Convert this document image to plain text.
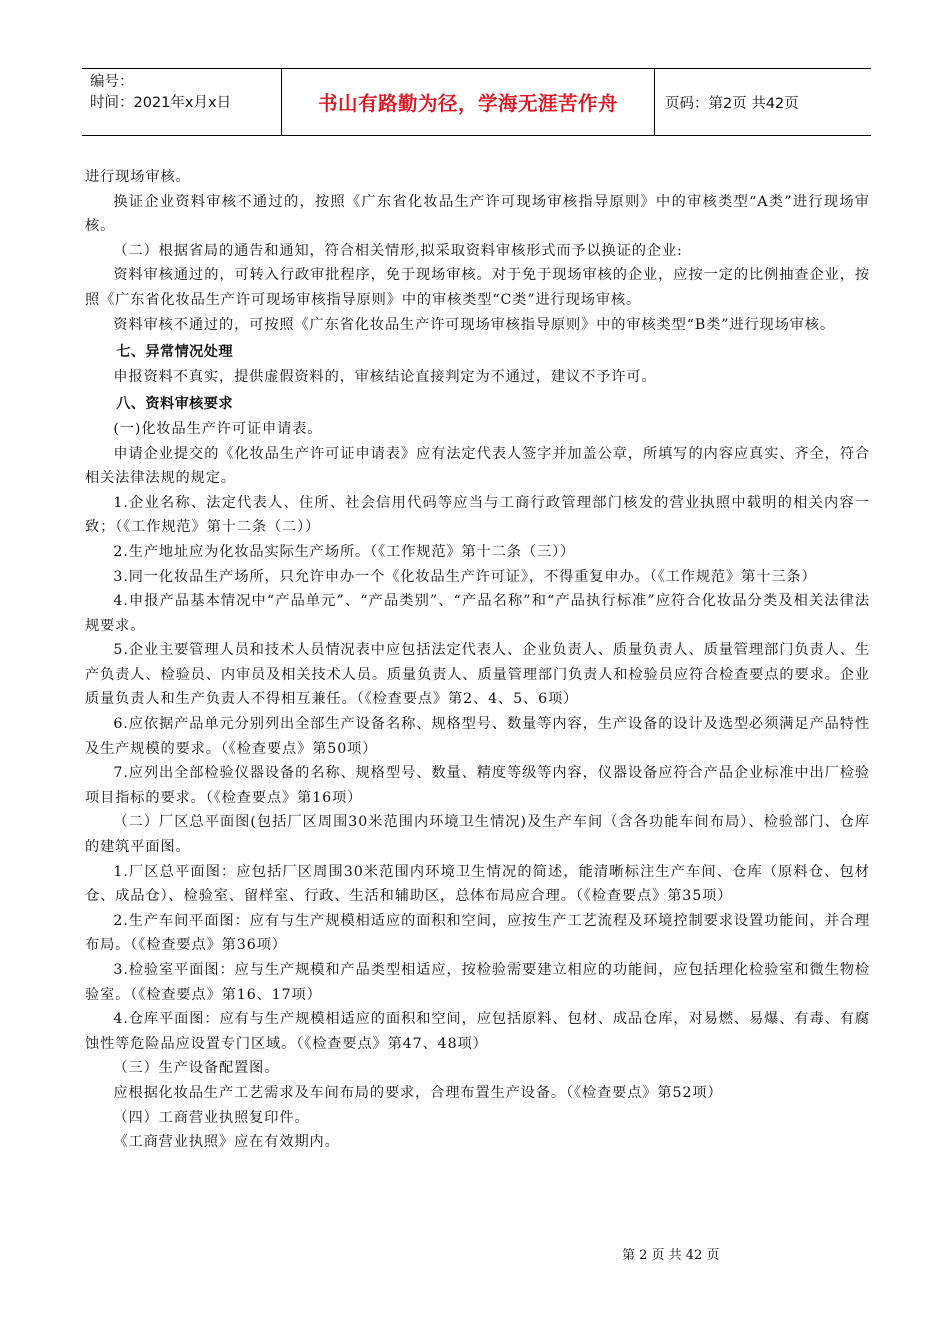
编号：
时间：2021年x月x日	书山有路勤为径，学海无涯苦作舟	页码：第2页 共42页

进行现场审核。

换证企业资料审核不通过的，按照《广东省化妆品生产许可现场审核指导原则》中的审核类型“A类”进行现场审核。

（二）根据省局的通告和通知，符合相关情形,拟采取资料审核形式而予以换证的企业:

资料审核通过的，可转入行政审批程序，免于现场审核。对于免于现场审核的企业，应按一定的比例抽查企业，按照《广东省化妆品生产许可现场审核指导原则》中的审核类型“C类”进行现场审核。

资料审核不通过的，可按照《广东省化妆品生产许可现场审核指导原则》中的审核类型“B类”进行现场审核。

七、异常情况处理

申报资料不真实，提供虚假资料的，审核结论直接判定为不通过，建议不予许可。

八、资料审核要求

(一)化妆品生产许可证申请表。

申请企业提交的《化妆品生产许可证申请表》应有法定代表人签字并加盖公章，所填写的内容应真实、齐全，符合相关法律法规的规定。

1.企业名称、法定代表人、住所、社会信用代码等应当与工商行政管理部门核发的营业执照中载明的相关内容一致；（《工作规范》第十二条（二））

2.生产地址应为化妆品实际生产场所。（《工作规范》第十二条（三））

3.同一化妆品生产场所，只允许申办一个《化妆品生产许可证》，不得重复申办。（《工作规范》第十三条）

4.申报产品基本情况中“产品单元”、“产品类别”、“产品名称”和“产品执行标准”应符合化妆品分类及相关法律法规要求。

5.企业主要管理人员和技术人员情况表中应包括法定代表人、企业负责人、质量负责人、质量管理部门负责人、生产负责人、检验员、内审员及相关技术人员。质量负责人、质量管理部门负责人和检验员应符合检查要点的要求。企业质量负责人和生产负责人不得相互兼任。（《检查要点》第2、4、5、6项）

6.应依据产品单元分别列出全部生产设备名称、规格型号、数量等内容，生产设备的设计及选型必须满足产品特性及生产规模的要求。（《检查要点》第50项）

7.应列出全部检验仪器设备的名称、规格型号、数量、精度等级等内容，仪器设备应符合产品企业标准中出厂检验项目指标的要求。（《检查要点》第16项）

（二）厂区总平面图(包括厂区周围30米范围内环境卫生情况)及生产车间（含各功能车间布局）、检验部门、仓库的建筑平面图。

1.厂区总平面图：应包括厂区周围30米范围内环境卫生情况的简述，能清晰标注生产车间、仓库（原料仓、包材仓、成品仓）、检验室、留样室、行政、生活和辅助区，总体布局应合理。（《检查要点》第35项）

2.生产车间平面图：应有与生产规模相适应的面积和空间，应按生产工艺流程及环境控制要求设置功能间，并合理布局。（《检查要点》第36项）

3.检验室平面图：应与生产规模和产品类型相适应，按检验需要建立相应的功能间，应包括理化检验室和微生物检验室。（《检查要点》第16、17项）

4.仓库平面图：应有与生产规模相适应的面积和空间，应包括原料、包材、成品仓库，对易燃、易爆、有毒、有腐蚀性等危险品应设置专门区域。（《检查要点》第47、48项）

（三）生产设备配置图。

应根据化妆品生产工艺需求及车间布局的要求，合理布置生产设备。（《检查要点》第52项）

（四）工商营业执照复印件。

《工商营业执照》应在有效期内。

第 2 页 共 42 页
